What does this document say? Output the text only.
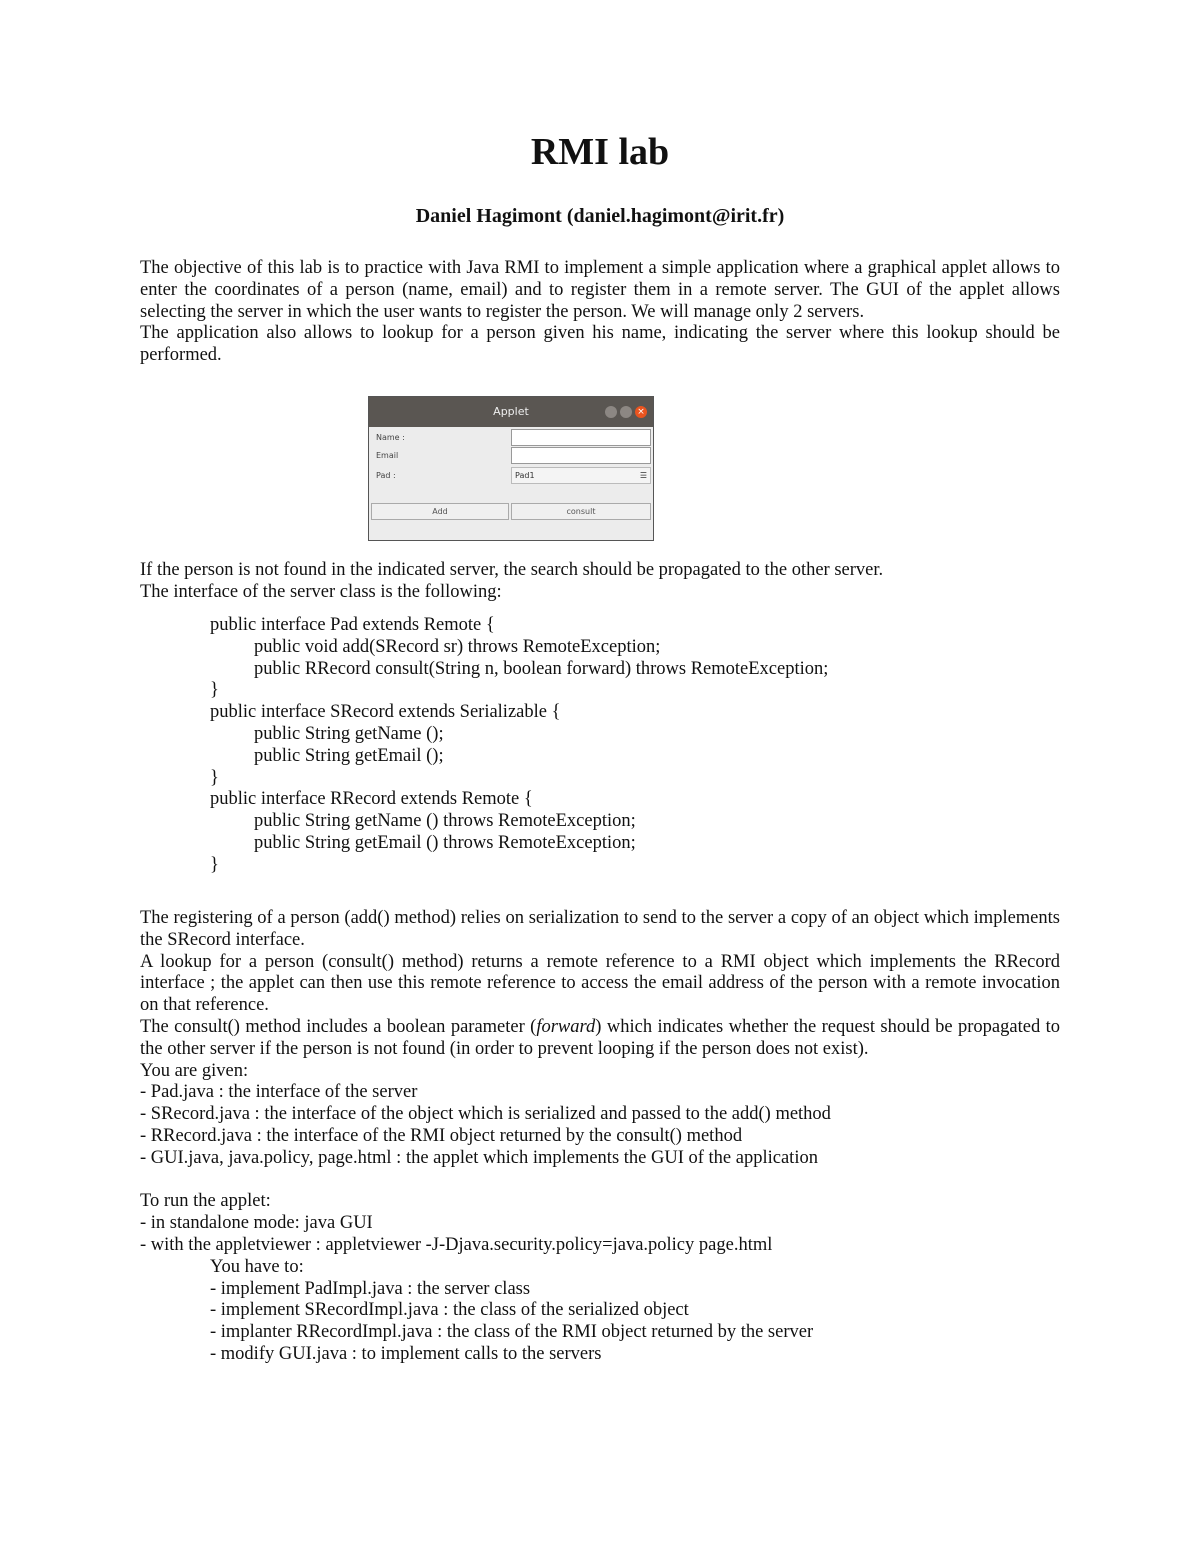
RMI lab
Daniel Hagimont (daniel.hagimont@irit.fr)

The objective of this lab is to practice with Java RMI to implement a simple application where a graphical applet allows to enter the coordinates of a person (name, email) and to register them in a remote server. The GUI of the applet allows selecting the server in which the user wants to register the person. We will manage only 2 servers.

The application also allows to lookup for a person given his name, indicating the server where this lookup should be performed.

Applet	×
Name :
Email
Pad :	Pad1	☰
Add	consult
If the person is not found in the indicated server, the search should be propagated to the other server.
The interface of the server class is the following:
public interface Pad extends Remote {
public void add(SRecord sr) throws RemoteException;
public RRecord consult(String n, boolean forward) throws RemoteException;
}
public interface SRecord extends Serializable {
public String getName ();
public String getEmail ();
}
public interface RRecord extends Remote {
public String getName () throws RemoteException;
public String getEmail () throws RemoteException;
}

The registering of a person (add() method) relies on serialization to send to the server a copy of an object which implements the SRecord interface.

A lookup for a person (consult() method) returns a remote reference to a RMI object which implements the RRecord interface ; the applet can then use this remote reference to access the email address of the person with a remote invocation on that reference.

The consult() method includes a boolean parameter (forward) which indicates whether the request should be propagated to the other server if the person is not found (in order to prevent looping if the person does not exist).

You are given:
- Pad.java : the interface of the server
- SRecord.java : the interface of the object which is serialized and passed to the add() method
- RRecord.java : the interface of the RMI object returned by the consult() method
- GUI.java, java.policy, page.html : the applet which implements the GUI of the application
To run the applet:
- in standalone mode: java GUI
- with the appletviewer : appletviewer -J-Djava.security.policy=java.policy page.html
You have to:
- implement PadImpl.java : the server class
- implement SRecordImpl.java : the class of the serialized object
- implanter RRecordImpl.java : the class of the RMI object returned by the server
- modify GUI.java : to implement calls to the servers
